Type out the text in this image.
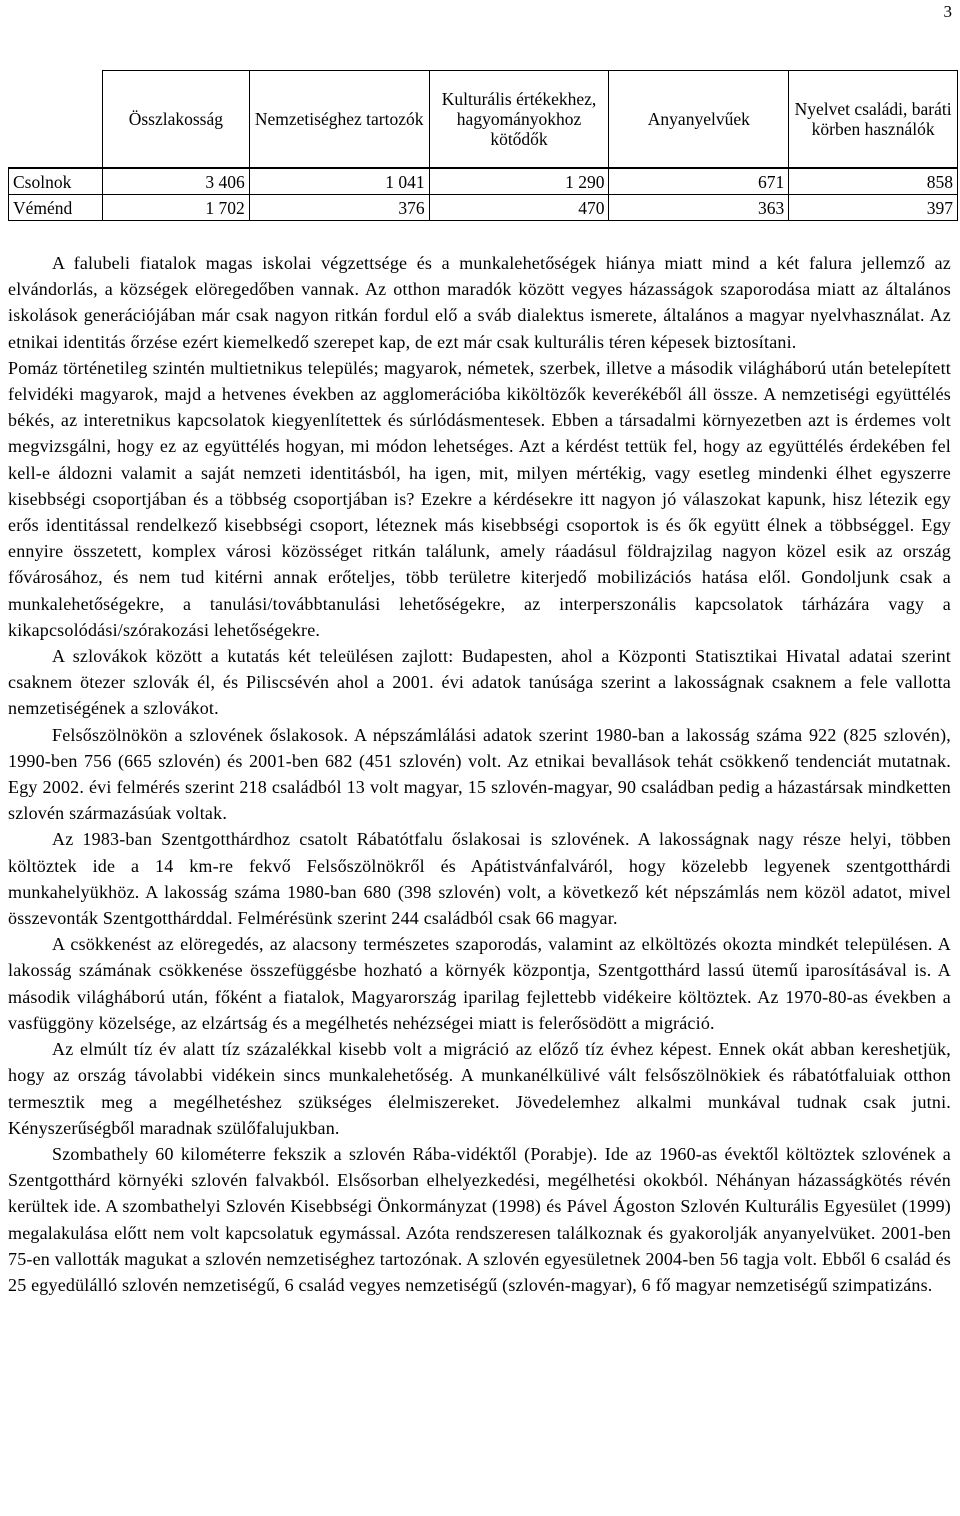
3
	Összlakosság	Nemzetiséghez tartozók	Kulturális értékekhez, hagyományokhoz kötődők	Anyanyelvűek	Nyelvet családi, baráti körben használók
Csolnok	3 406	1 041	1 290	671	858
Véménd	1 702	376	470	363	397

A falubeli fiatalok magas iskolai végzettsége és a munkalehetőségek hiánya miatt mind a két falura jellemző az elvándorlás, a községek elöregedőben vannak. Az otthon maradók között vegyes házasságok szaporodása miatt az általános iskolások generációjában már csak nagyon ritkán fordul elő a sváb dialektus ismerete, általános a magyar nyelvhasználat. Az etnikai identitás őrzése ezért kiemelkedő szerepet kap, de ezt már csak kulturális téren képesek biztosítani.

Pomáz történetileg szintén multietnikus település; magyarok, németek, szerbek, illetve a második világháború után betelepített felvidéki magyarok, majd a hetvenes években az agglomerációba kiköltözők keverékéből áll össze. A nemzetiségi együttélés békés, az interetnikus kapcsolatok kiegyenlítettek és súrlódásmentesek. Ebben a társadalmi környezetben azt is érdemes volt megvizsgálni, hogy ez az együttélés hogyan, mi módon lehetséges. Azt a kérdést tettük fel, hogy az együttélés érdekében fel kell-e áldozni valamit a saját nemzeti identitásból, ha igen, mit, milyen mértékig, vagy esetleg mindenki élhet egyszerre kisebbségi csoportjában és a többség csoportjában is? Ezekre a kérdésekre itt nagyon jó válaszokat kapunk, hisz létezik egy erős identitással rendelkező kisebbségi csoport, léteznek más kisebbségi csoportok is és ők együtt élnek a többséggel. Egy ennyire összetett, komplex városi közösséget ritkán találunk, amely ráadásul földrajzilag nagyon közel esik az ország fővárosához, és nem tud kitérni annak erőteljes, több területre kiterjedő mobilizációs hatása elől. Gondoljunk csak a munkalehetőségekre, a tanulási/továbbtanulási lehetőségekre, az interperszonális kapcsolatok tárházára vagy a kikapcsolódási/szórakozási lehetőségekre.

A szlovákok között a kutatás két teleülésen zajlott: Budapesten, ahol a Központi Statisztikai Hivatal adatai szerint csaknem ötezer szlovák él, és Piliscsévén ahol a 2001. évi adatok tanúsága szerint a lakosságnak csaknem a fele vallotta nemzetiségének a szlovákot.

Felsőszölnökön a szlovének őslakosok. A népszámlálási adatok szerint 1980-ban a lakosság száma 922 (825 szlovén), 1990-ben 756 (665 szlovén) és 2001-ben 682 (451 szlovén) volt. Az etnikai bevallások tehát csökkenő tendenciát mutatnak. Egy 2002. évi felmérés szerint 218 családból 13 volt magyar, 15 szlovén-magyar, 90 családban pedig a házastársak mindketten szlovén származásúak voltak.

Az 1983-ban Szentgotthárdhoz csatolt Rábatótfalu őslakosai is szlovének. A lakosságnak nagy része helyi, többen költöztek ide a 14 km-re fekvő Felsőszölnökről és Apátistvánfalváról, hogy közelebb legyenek szentgotthárdi munkahelyükhöz. A lakosság száma 1980-ban 680 (398 szlovén) volt, a következő két népszámlás nem közöl adatot, mivel összevonták Szentgotthárddal. Felmérésünk szerint 244 családból csak 66 magyar.

A csökkenést az elöregedés, az alacsony természetes szaporodás, valamint az elköltözés okozta mindkét településen. A lakosság számának csökkenése összefüggésbe hozható a környék központja, Szentgotthárd lassú ütemű iparosításával is. A második világháború után, főként a fiatalok, Magyarország iparilag fejlettebb vidékeire költöztek. Az 1970-80-as években a vasfüggöny közelsége, az elzártság és a megélhetés nehézségei miatt is felerősödött a migráció.

Az elmúlt tíz év alatt tíz százalékkal kisebb volt a migráció az előző tíz évhez képest. Ennek okát abban kereshetjük, hogy az ország távolabbi vidékein sincs munkalehetőség. A munkanélkülivé vált felsőszölnökiek és rábatótfaluiak otthon termesztik meg a megélhetéshez szükséges élelmiszereket. Jövedelemhez alkalmi munkával tudnak csak jutni. Kényszerűségből maradnak szülőfalujukban.

Szombathely 60 kilométerre fekszik a szlovén Rába-vidéktől (Porabje). Ide az 1960-as évektől költöztek szlovének a Szentgotthárd környéki szlovén falvakból. Elsősorban elhelyezkedési, megélhetési okokból. Néhányan házasságkötés révén kerültek ide. A szombathelyi Szlovén Kisebbségi Önkormányzat (1998) és Pável Ágoston Szlovén Kulturális Egyesület (1999) megalakulása előtt nem volt kapcsolatuk egymással. Azóta rendszeresen találkoznak és gyakorolják anyanyelvüket. 2001-ben 75-en vallották magukat a szlovén nemzetiséghez tartozónak. A szlovén egyesületnek 2004-ben 56 tagja volt. Ebből 6 család és 25 egyedülálló szlovén nemzetiségű, 6 család vegyes nemzetiségű (szlovén-magyar), 6 fő magyar nemzetiségű szimpatizáns.
